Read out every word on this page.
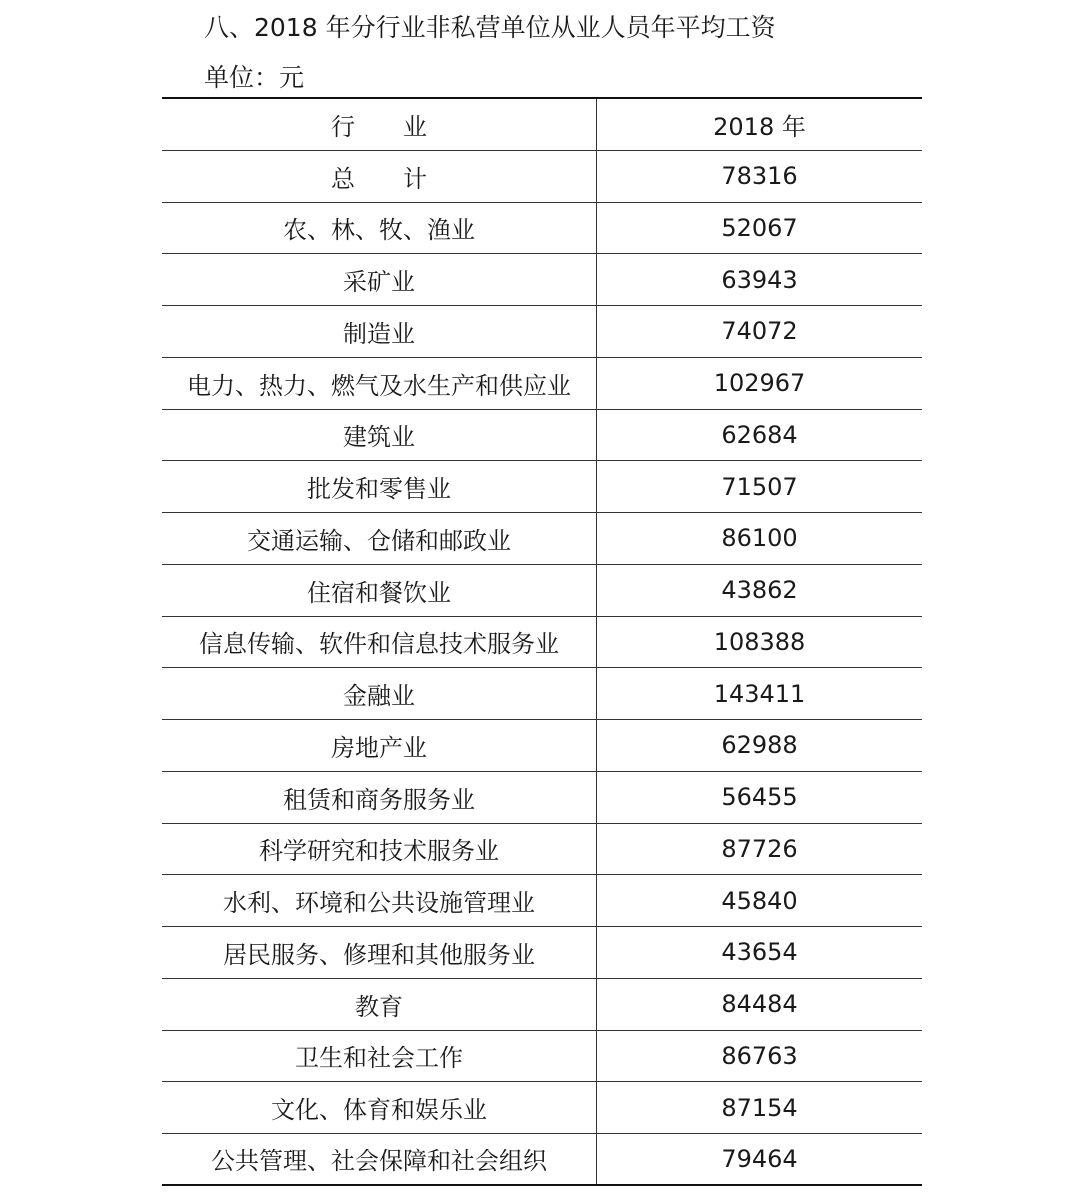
八、2018 年分行业非私营单位从业人员年平均工资
单位：元
行　　业	2018 年
总　　计	78316
农、林、牧、渔业	52067
采矿业	63943
制造业	74072
电力、热力、燃气及水生产和供应业	102967
建筑业	62684
批发和零售业	71507
交通运输、仓储和邮政业	86100
住宿和餐饮业	43862
信息传输、软件和信息技术服务业	108388
金融业	143411
房地产业	62988
租赁和商务服务业	56455
科学研究和技术服务业	87726
水利、环境和公共设施管理业	45840
居民服务、修理和其他服务业	43654
教育	84484
卫生和社会工作	86763
文化、体育和娱乐业	87154
公共管理、社会保障和社会组织	79464
